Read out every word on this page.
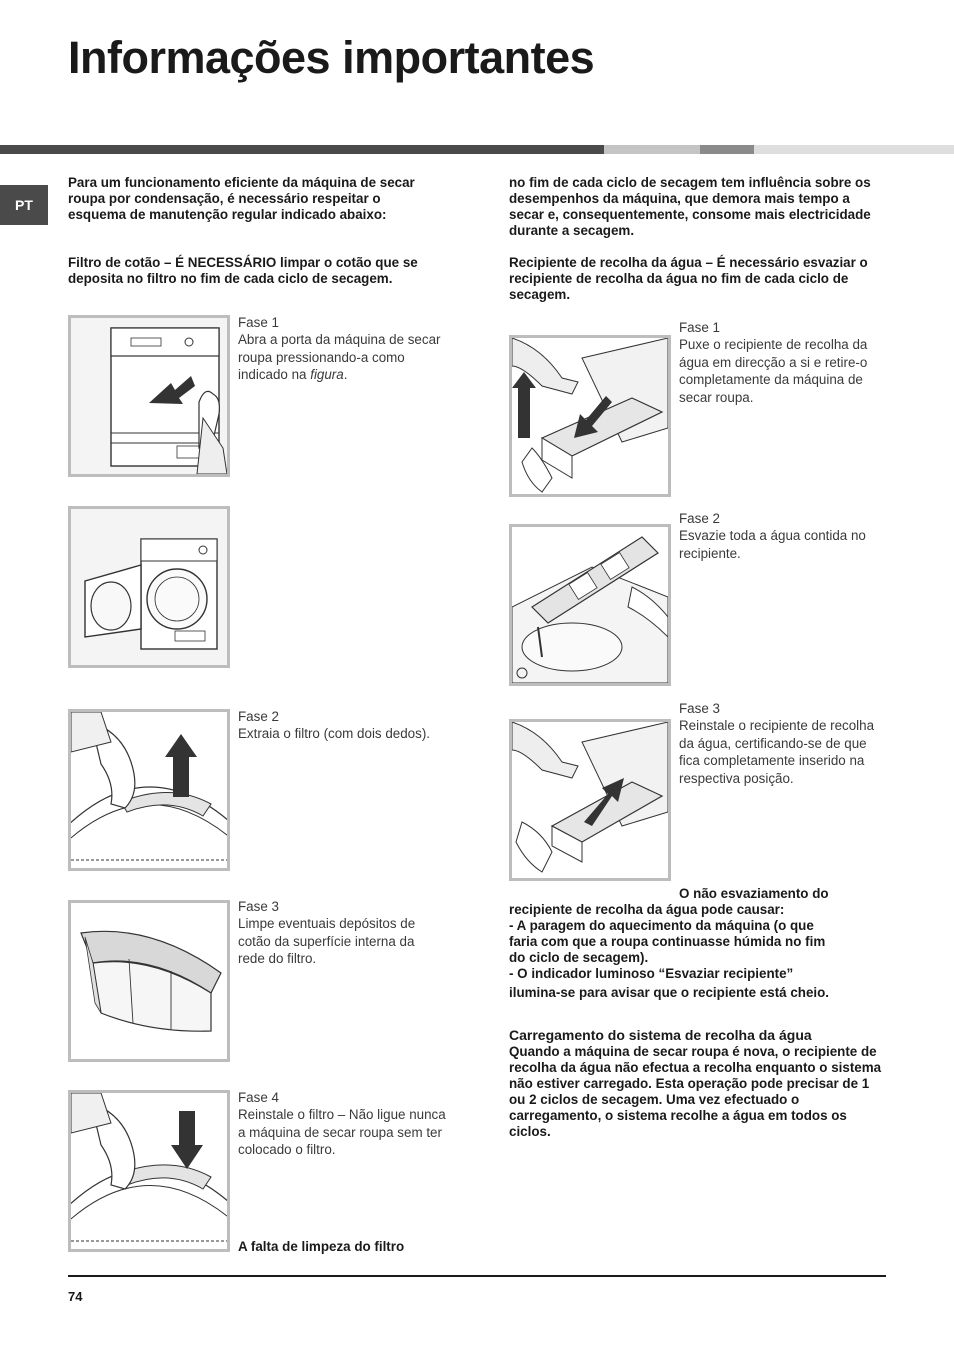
Informações importantes
PT

Para um funcionamento eficiente da máquina de secar roupa por condensação, é necessário respeitar o esquema de manutenção regular indicado abaixo:

Filtro de cotão – É NECESSÁRIO limpar o cotão que se deposita no filtro no fim de cada ciclo de secagem.

Fase 1
Abra a porta da máquina de secar roupa pressionando-a como indicado na figura.
Fase 2
Extraia o filtro (com dois dedos).
Fase 3
Limpe eventuais depósitos de cotão da superfície interna da rede do filtro.
Fase 4
Reinstale o filtro – Não ligue nunca a máquina de secar roupa sem ter colocado o filtro.

A falta de limpeza do filtro

no fim de cada ciclo de secagem tem influência sobre os desempenhos da máquina, que demora mais tempo a secar e, consequentemente, consome mais electricidade durante a secagem.

Recipiente de recolha da água – É necessário esvaziar o recipiente de recolha da água no fim de cada ciclo de secagem.

Fase 1
Puxe o recipiente de recolha da água em direcção a si e retire-o completamente da máquina de secar roupa.
Fase 2
Esvazie toda a água contida no recipiente.
Fase 3
Reinstale o recipiente de recolha da água, certificando-se de que fica completamente inserido na respectiva posição.
O não esvaziamento do
recipiente de recolha da água pode causar:
- A paragem do aquecimento da máquina (o que
faria com que a roupa continuasse húmida no fim
do ciclo de secagem).
- O indicador luminoso “Esvaziar recipiente”
ilumina-se para avisar que o recipiente está cheio.
Carregamento do sistema de recolha da água

Quando a máquina de secar roupa é nova, o recipiente de recolha da água não efectua a recolha enquanto o sistema não estiver carregado. Esta operação pode precisar de 1 ou 2 ciclos de secagem. Uma vez efectuado o carregamento, o sistema recolhe a água em todos os ciclos.

74
